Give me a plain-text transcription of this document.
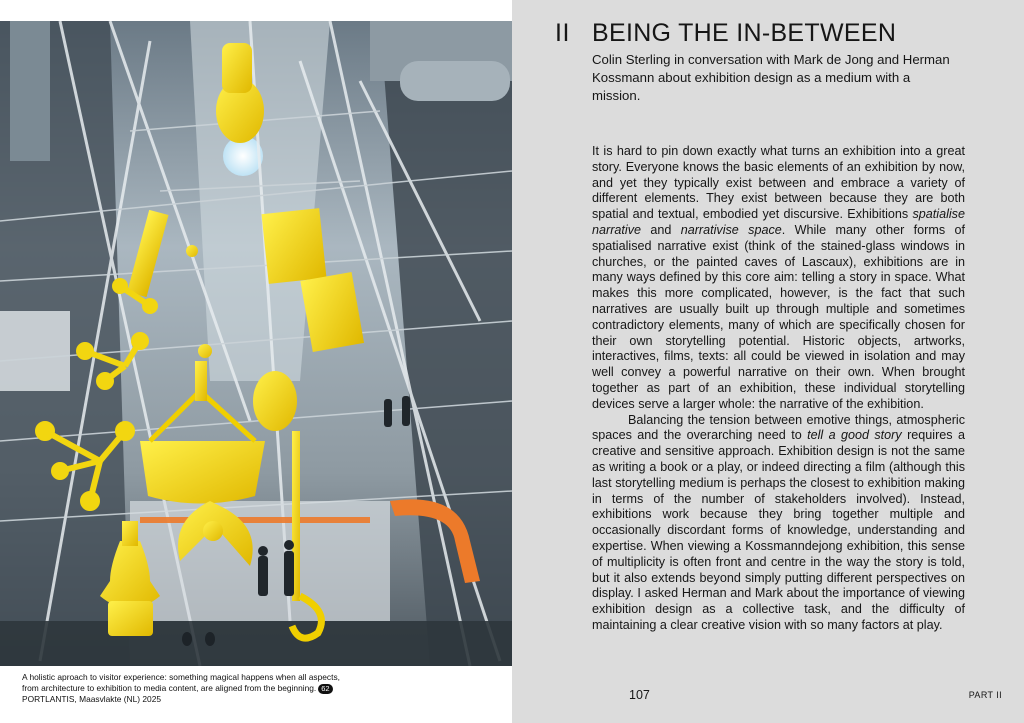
A holistic aproach to visitor experience: something magical happens when all aspects,
from architecture to exhibition to media content, are aligned from the beginning. 62
PORTLANTIS, Maasvlakte (NL) 2025
II BEING THE IN-BETWEEN
Colin Sterling in conversation with Mark de Jong and Herman Kossmann about exhibition design as a medium with a mission.

It is hard to pin down exactly what turns an exhibition into a great story. Everyone knows the basic elements of an exhibition by now, and yet they typically exist between and embrace a variety of different elements. They exist between because they are both spatial and textual, embodied yet discursive. Exhibitions spatialise narrative and narrativise space. While many other forms of spatialised narrative exist (think of the stained-glass windows in churches, or the painted caves of Lascaux), exhibitions are in many ways defined by this core aim: telling a story in space. What makes this more complicated, however, is the fact that such narratives are usually built up through multiple and sometimes contradictory elements, many of which are specifically chosen for their own storytelling potential. Historic objects, artworks, interactives, films, texts: all could be viewed in isolation and may well convey a powerful narrative on their own. When brought together as part of an exhibition, these individual storytelling devices serve a larger whole: the narrative of the exhibition.

Balancing the tension between emotive things, atmospheric spaces and the overarching need to tell a good story requires a creative and sensitive approach. Exhibition design is not the same as writing a book or a play, or indeed directing a film (although this last storytelling medium is perhaps the closest to exhibition making in terms of the number of stakeholders involved). Instead, exhibitions work because they bring together multiple and occasionally discordant forms of knowledge, understanding and expertise. When viewing a Kossmanndejong exhibition, this sense of multiplicity is often front and centre in the way the story is told, but it also extends beyond simply putting different perspectives on display. I asked Herman and Mark about the importance of viewing exhibition design as a collective task, and the difficulty of maintaining a clear creative vision with so many factors at play.

107	PART II
